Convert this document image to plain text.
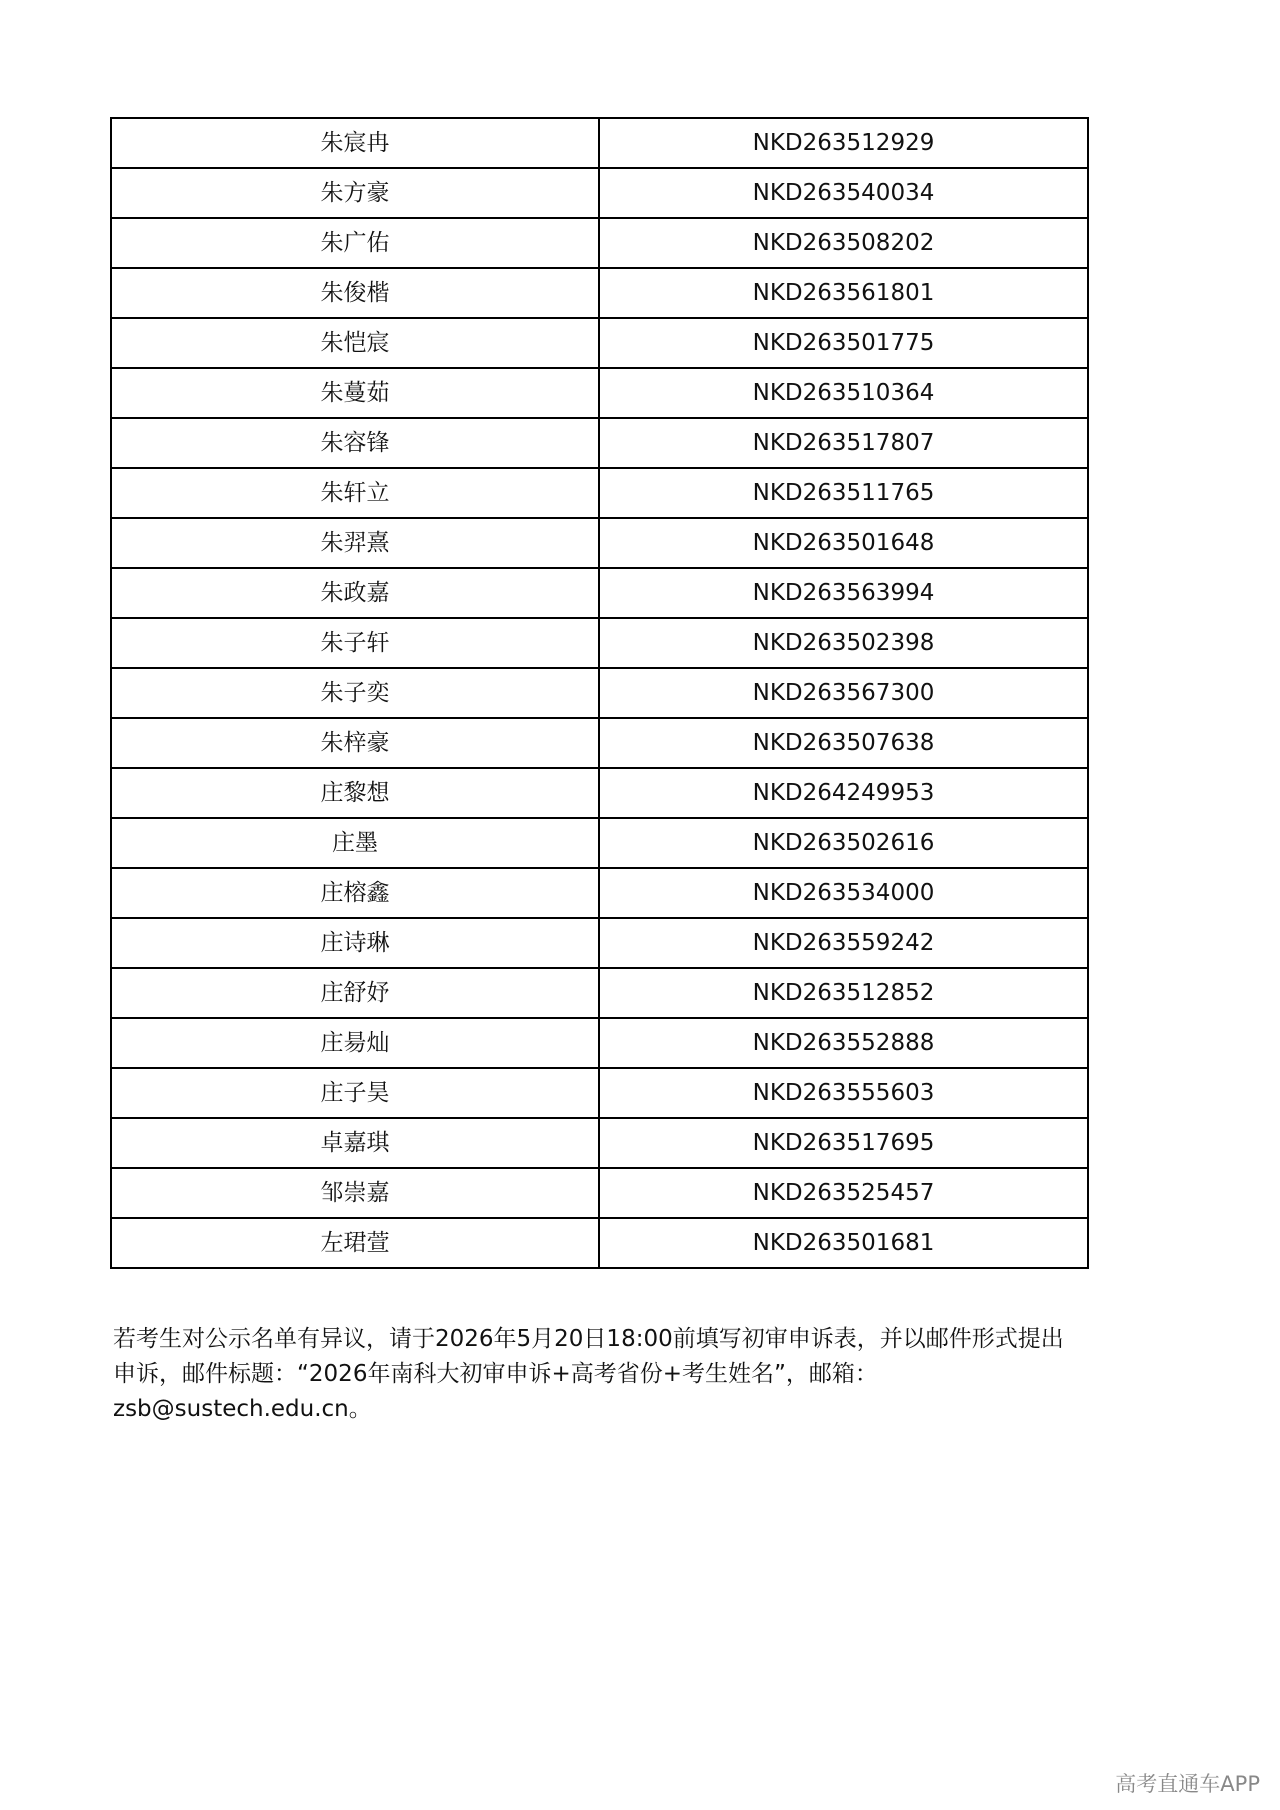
朱宸冉	NKD263512929
朱方豪	NKD263540034
朱广佑	NKD263508202
朱俊楷	NKD263561801
朱恺宸	NKD263501775
朱蔓茹	NKD263510364
朱容锋	NKD263517807
朱轩立	NKD263511765
朱羿熹	NKD263501648
朱政嘉	NKD263563994
朱子轩	NKD263502398
朱子奕	NKD263567300
朱梓豪	NKD263507638
庄黎想	NKD264249953
庄墨	NKD263502616
庄榕鑫	NKD263534000
庄诗琳	NKD263559242
庄舒妤	NKD263512852
庄昜灿	NKD263552888
庄子昊	NKD263555603
卓嘉琪	NKD263517695
邹崇嘉	NKD263525457
左珺萱	NKD263501681

若考生对公示名单有异议，请于2026年5月20日18:00前填写初审申诉表，并以邮件形式提出申诉，邮件标题：“2026年南科大初审申诉+高考省份+考生姓名”，邮箱：zsb@sustech.edu.cn。

高考直通车APP
